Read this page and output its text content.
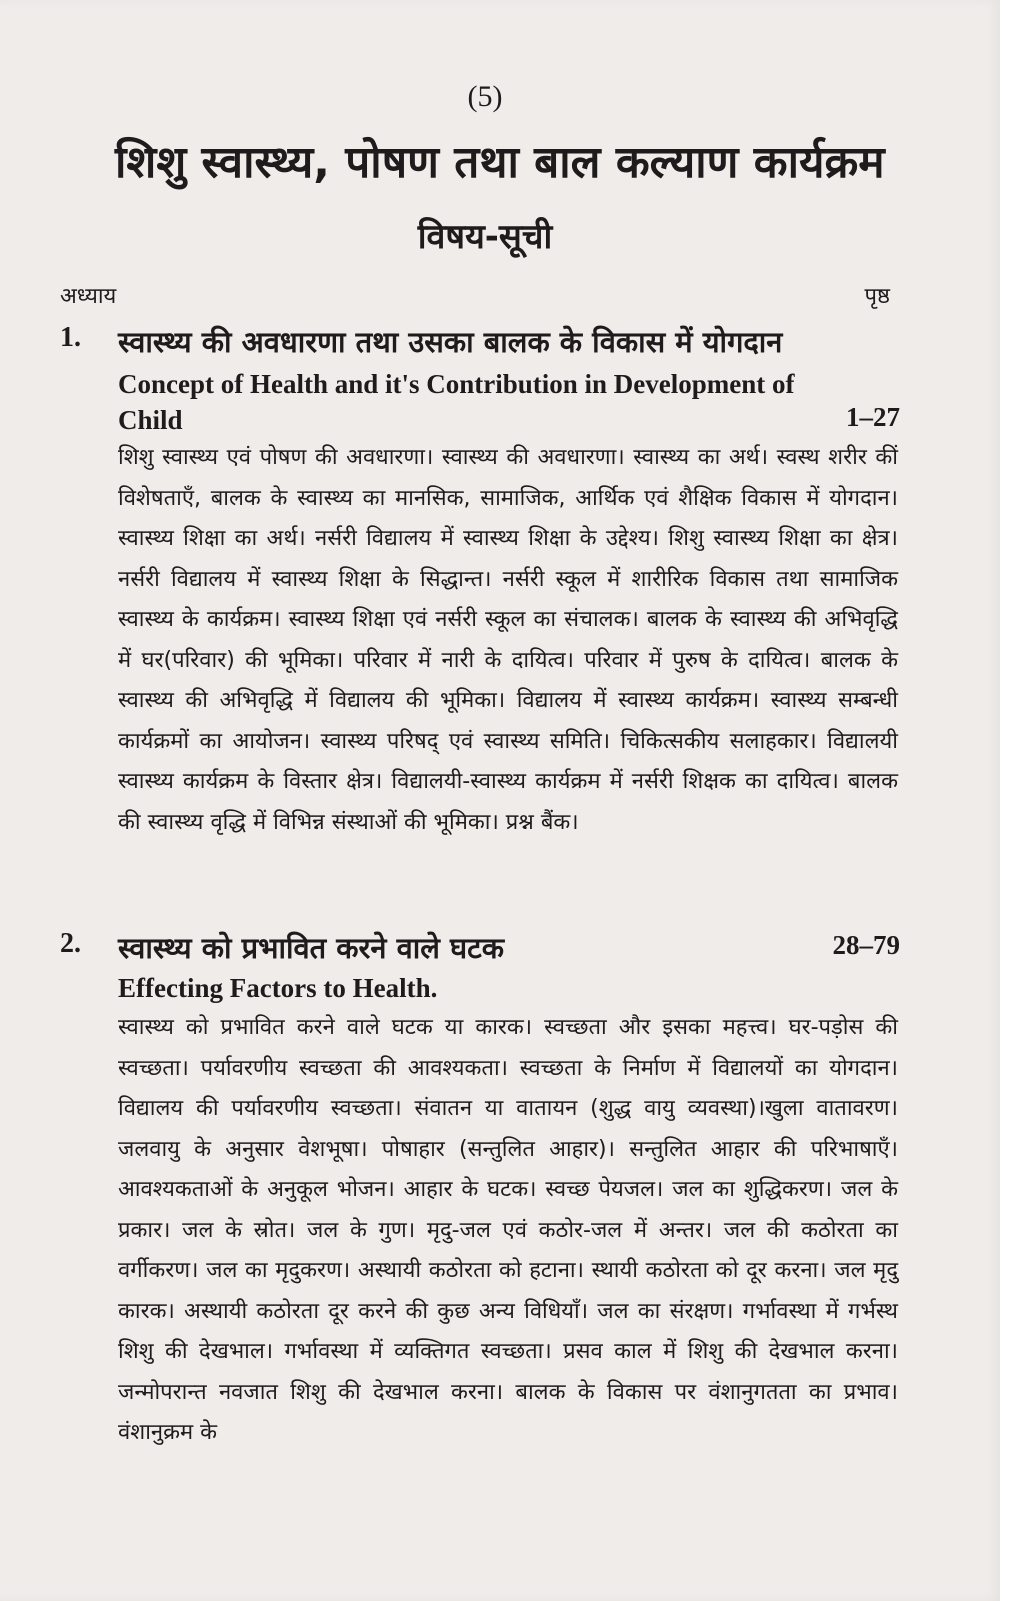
(5)
शिशु स्वास्थ्य, पोषण तथा बाल कल्याण कार्यक्रम
विषय-सूची
अध्याय	पृष्ठ
1. स्वास्थ्य की अवधारणा तथा उसका बालक के विकास में योगदान
Concept of Health and it's Contribution in Development of
Child	1–27
शिशु स्वास्थ्य एवं पोषण की अवधारणा। स्वास्थ्य की अवधारणा। स्वास्थ्य का अर्थ। स्वस्थ शरीर कीं विशेषताएँ, बालक के स्वास्थ्य का मानसिक, सामाजिक, आर्थिक एवं शैक्षिक विकास में योगदान। स्वास्थ्य शिक्षा का अर्थ। नर्सरी विद्यालय में स्वास्थ्य शिक्षा के उद्देश्य। शिशु स्वास्थ्य शिक्षा का क्षेत्र। नर्सरी विद्यालय में स्वास्थ्य शिक्षा के सिद्धान्त। नर्सरी स्कूल में शारीरिक विकास तथा सामाजिक स्वास्थ्य के कार्यक्रम। स्वास्थ्य शिक्षा एवं नर्सरी स्कूल का संचालक। बालक के स्वास्थ्य की अभिवृद्धि में घर(परिवार) की भूमिका। परिवार में नारी के दायित्व। परिवार में पुरुष के दायित्व। बालक के स्वास्थ्य की अभिवृद्धि में विद्यालय की भूमिका। विद्यालय में स्वास्थ्य कार्यक्रम। स्वास्थ्य सम्बन्धी कार्यक्रमों का आयोजन। स्वास्थ्य परिषद् एवं स्वास्थ्य समिति। चिकित्सकीय सलाहकार। विद्यालयी स्वास्थ्य कार्यक्रम के विस्तार क्षेत्र। विद्यालयी-स्वास्थ्य कार्यक्रम में नर्सरी शिक्षक का दायित्व। बालक की स्वास्थ्य वृद्धि में विभिन्न संस्थाओं की भूमिका। प्रश्न बैंक।
2. स्वास्थ्य को प्रभावित करने वाले घटक	28–79
Effecting Factors to Health.
स्वास्थ्य को प्रभावित करने वाले घटक या कारक। स्वच्छता और इसका महत्त्व। घर-पड़ोस की स्वच्छता। पर्यावरणीय स्वच्छता की आवश्यकता। स्वच्छता के निर्माण में विद्यालयों का योगदान। विद्यालय की पर्यावरणीय स्वच्छता। संवातन या वातायन (शुद्ध वायु व्यवस्था)।खुला वातावरण। जलवायु के अनुसार वेशभूषा। पोषाहार (सन्तुलित आहार)। सन्तुलित आहार की परिभाषाएँ। आवश्यकताओं के अनुकूल भोजन। आहार के घटक। स्वच्छ पेयजल। जल का शुद्धिकरण। जल के प्रकार। जल के स्रोत। जल के गुण। मृदु-जल एवं कठोर-जल में अन्तर। जल की कठोरता का वर्गीकरण। जल का मृदुकरण। अस्थायी कठोरता को हटाना। स्थायी कठोरता को दूर करना। जल मृदु कारक। अस्थायी कठोरता दूर करने की कुछ अन्य विधियाँ। जल का संरक्षण। गर्भावस्था में गर्भस्थ शिशु की देखभाल। गर्भावस्था में व्यक्तिगत स्वच्छता। प्रसव काल में शिशु की देखभाल करना। जन्मोपरान्त नवजात शिशु की देखभाल करना। बालक के विकास पर वंशानुगतता का प्रभाव। वंशानुक्रम के
